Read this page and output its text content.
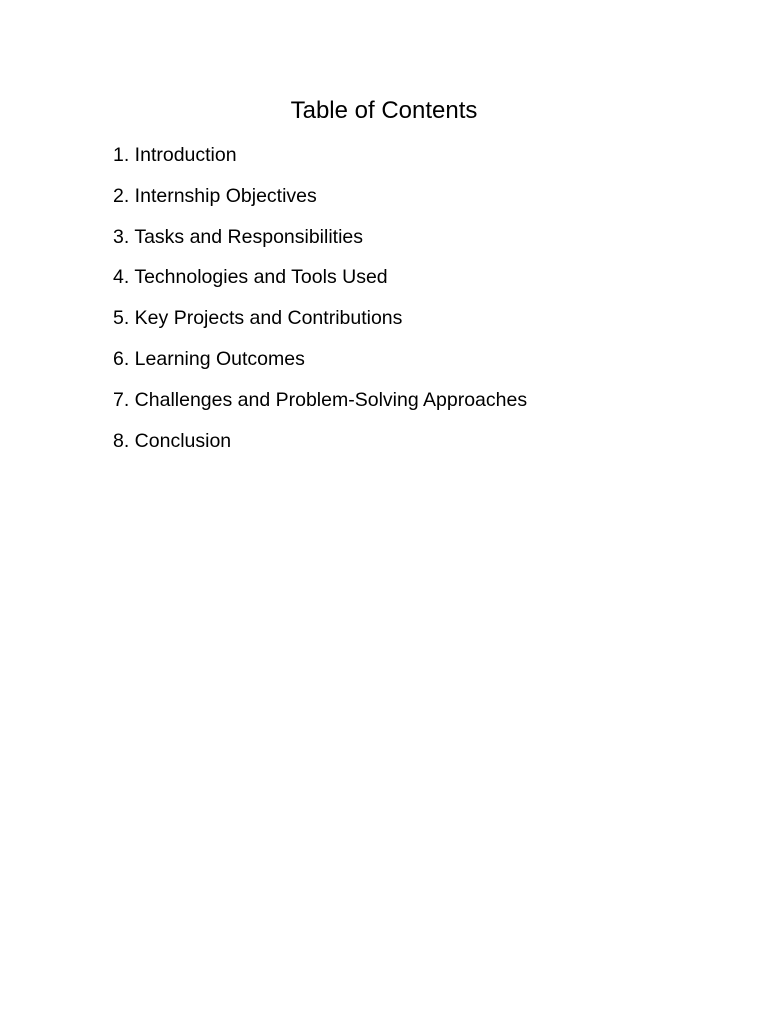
Table of Contents
1. Introduction
2. Internship Objectives
3. Tasks and Responsibilities
4. Technologies and Tools Used
5. Key Projects and Contributions
6. Learning Outcomes
7. Challenges and Problem-Solving Approaches
8. Conclusion
